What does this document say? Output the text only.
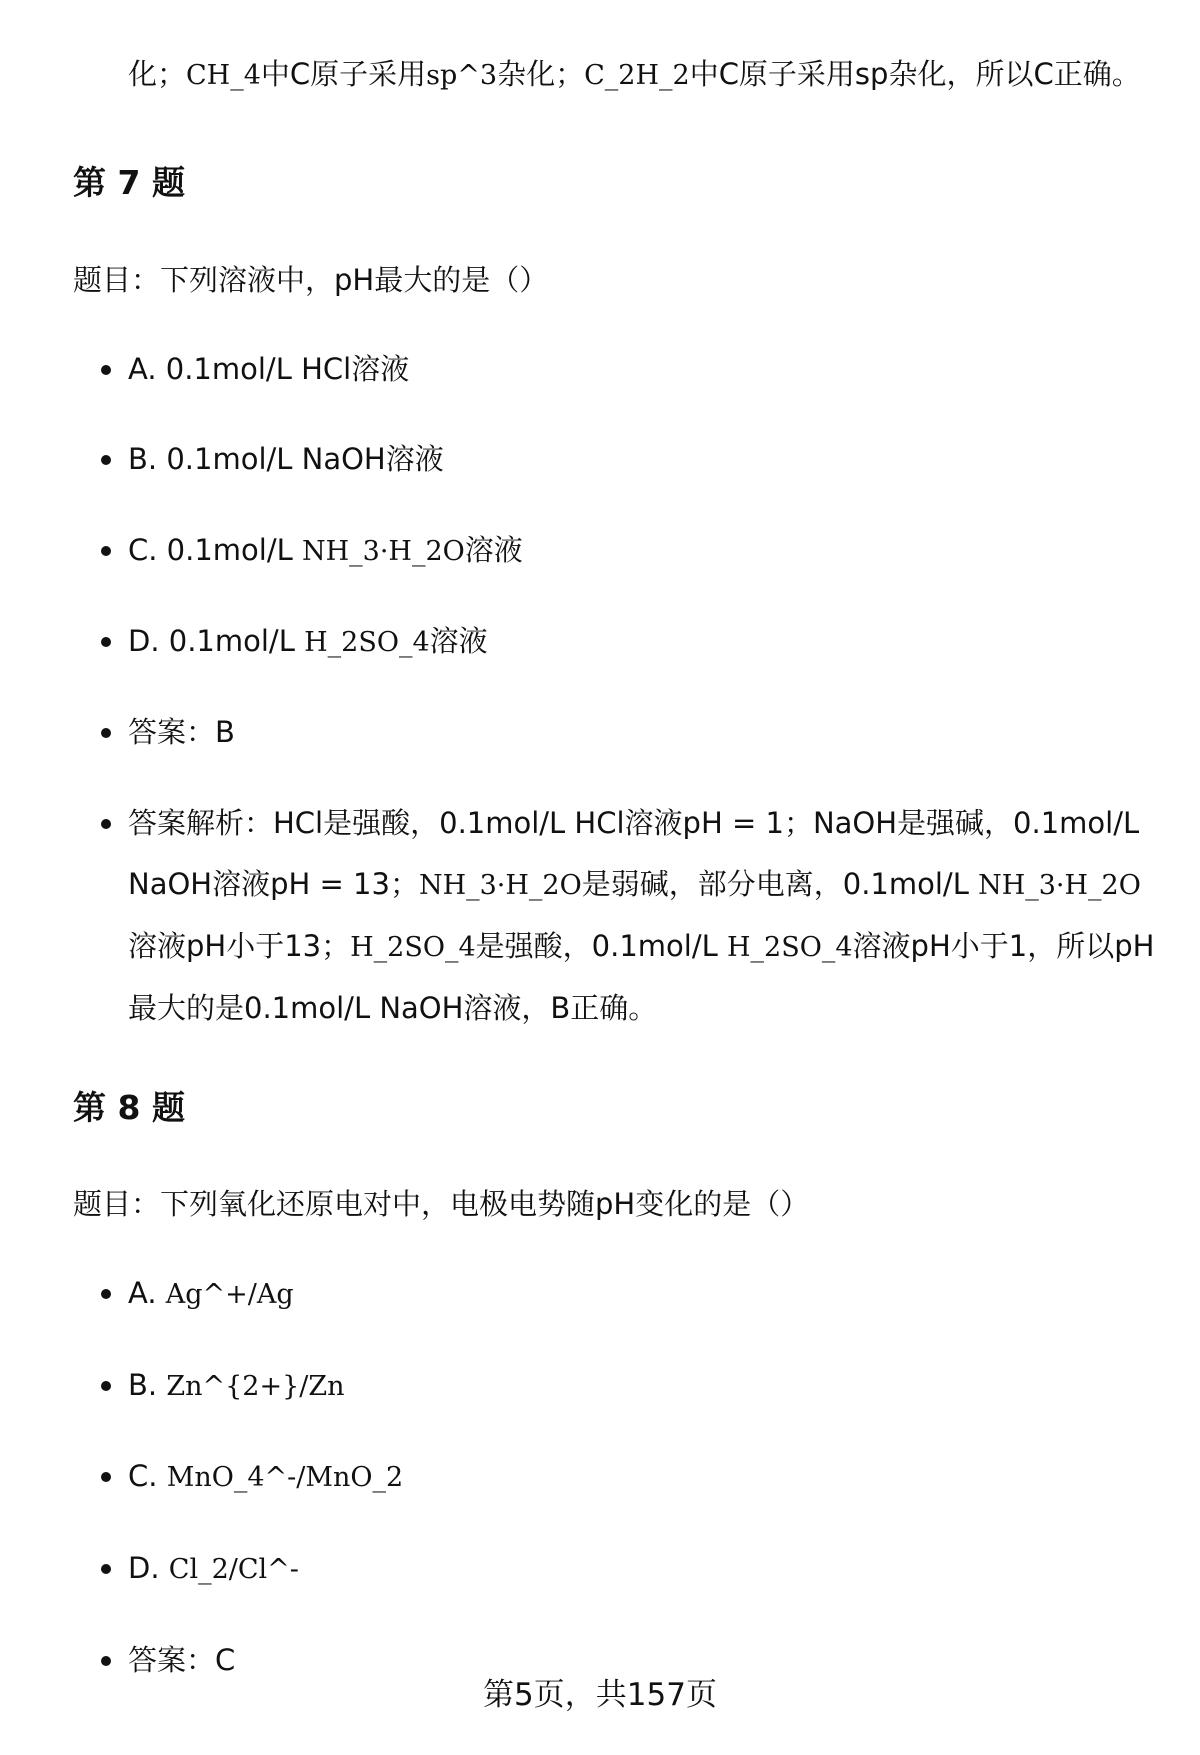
化；CH_4中C原子采用sp^3杂化；C_2H_2中C原子采用sp杂化，所以C正确。

第 7 题

题目：下列溶液中，pH最大的是（）

A. 0.1mol/L HCl溶液
B. 0.1mol/L NaOH溶液
C. 0.1mol/L NH_3·H_2O溶液
D. 0.1mol/L H_2SO_4溶液
答案：B
答案解析：HCl是强酸，0.1mol/L HCl溶液pH = 1；NaOH是强碱，0.1mol/L NaOH溶液pH = 13；NH_3·H_2O是弱碱，部分电离，0.1mol/L NH_3·H_2O溶液pH小于13；H_2SO_4是强酸，0.1mol/L H_2SO_4溶液pH小于1，所以pH最大的是0.1mol/L NaOH溶液，B正确。
第 8 题

题目：下列氧化还原电对中，电极电势随pH变化的是（）

A. Ag^+/Ag
B. Zn^{2+}/Zn
C. MnO_4^-/MnO_2
D. Cl_2/Cl^-
答案：C
第5页，共157页
